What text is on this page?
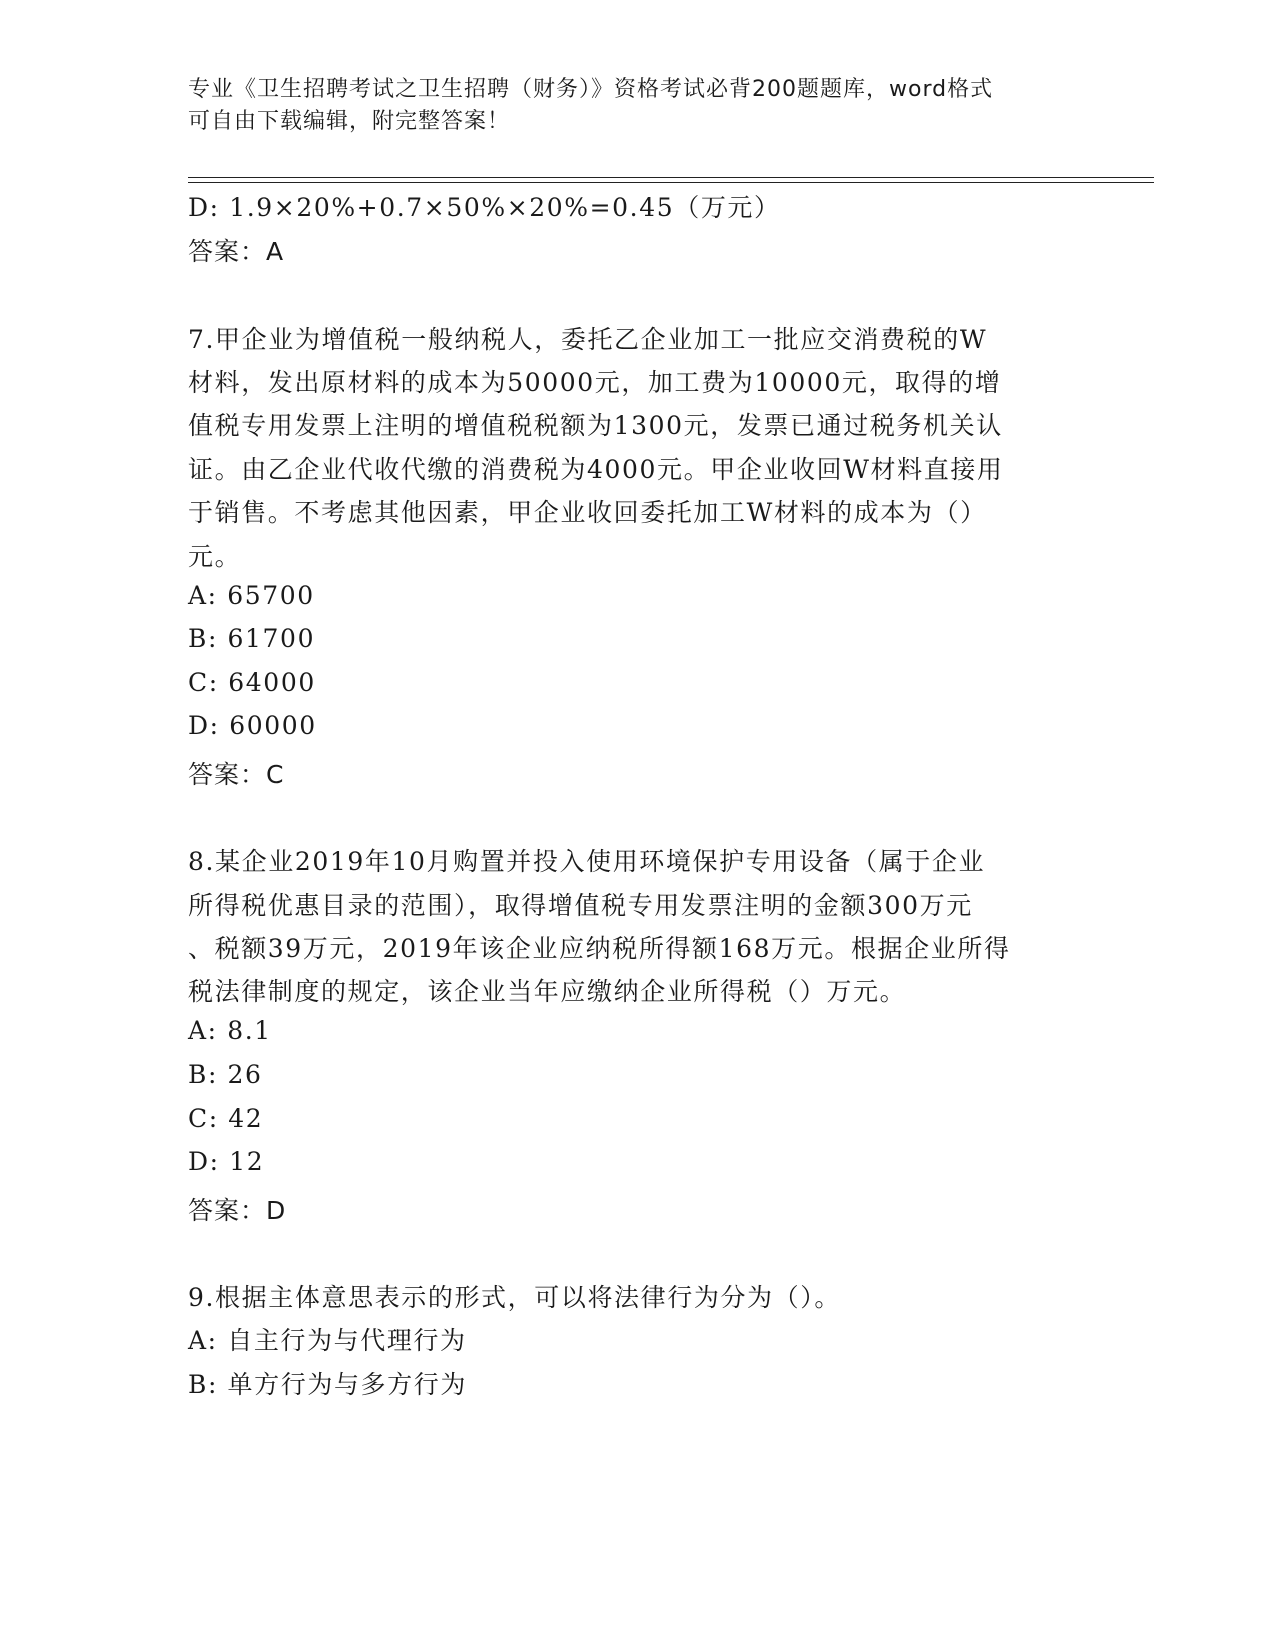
专业《卫生招聘考试之卫生招聘（财务）》资格考试必背200题题库，word格式
可自由下载编辑，附完整答案！
D: 1.9×20%+0.7×50%×20%=0.45（万元）
答案：A
7.甲企业为增值税一般纳税人，委托乙企业加工一批应交消费税的W
材料，发出原材料的成本为50000元，加工费为10000元，取得的增
值税专用发票上注明的增值税税额为1300元，发票已通过税务机关认
证。由乙企业代收代缴的消费税为4000元。甲企业收回W材料直接用
于销售。不考虑其他因素，甲企业收回委托加工W材料的成本为（）
元。
A: 65700
B: 61700
C: 64000
D: 60000
答案：C
8.某企业2019年10月购置并投入使用环境保护专用设备（属于企业
所得税优惠目录的范围），取得增值税专用发票注明的金额300万元
、税额39万元，2019年该企业应纳税所得额168万元。根据企业所得
税法律制度的规定，该企业当年应缴纳企业所得税（）万元。
A: 8.1
B: 26
C: 42
D: 12
答案：D
9.根据主体意思表示的形式，可以将法律行为分为（）。
A: 自主行为与代理行为
B: 单方行为与多方行为
